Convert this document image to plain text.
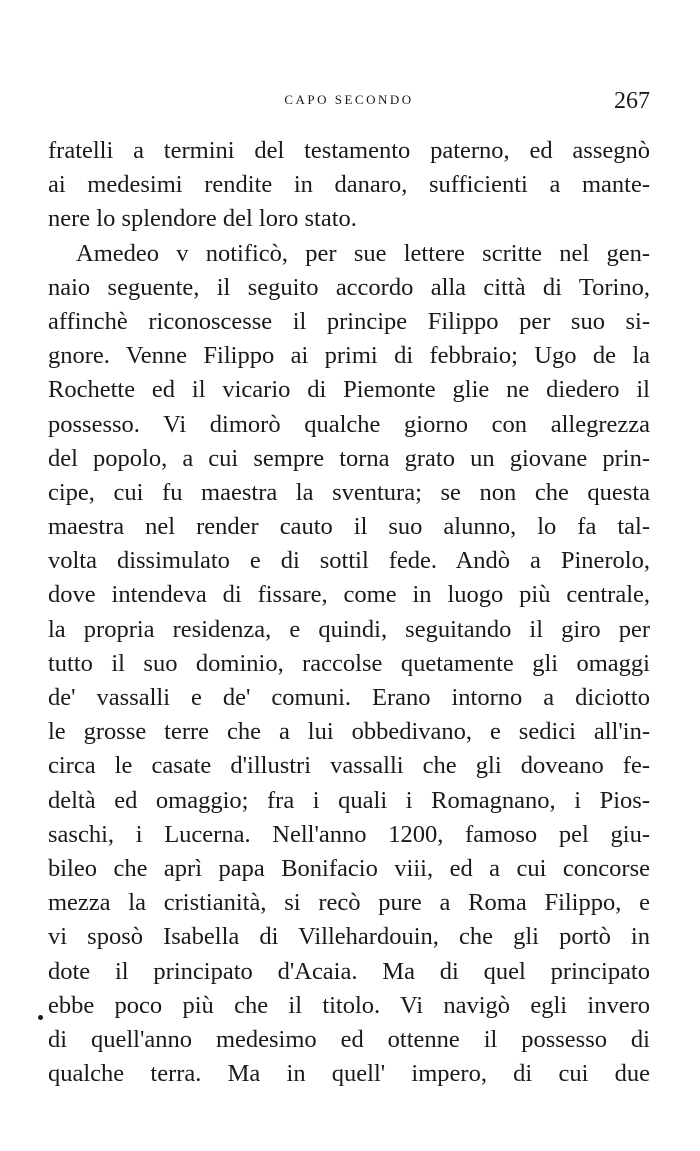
CAPO SECONDO	267
fratelli a termini del testamento paterno, ed assegnò
ai medesimi rendite in danaro, sufficienti a mante-
nere lo splendore del loro stato.
Amedeo v notificò, per sue lettere scritte nel gen-
naio seguente, il seguito accordo alla città di Torino,
affinchè riconoscesse il principe Filippo per suo si-
gnore. Venne Filippo ai primi di febbraio; Ugo de la
Rochette ed il vicario di Piemonte glie ne diedero il
possesso. Vi dimorò qualche giorno con allegrezza
del popolo, a cui sempre torna grato un giovane prin-
cipe, cui fu maestra la sventura; se non che questa
maestra nel render cauto il suo alunno, lo fa tal-
volta dissimulato e di sottil fede. Andò a Pinerolo,
dove intendeva di fissare, come in luogo più centrale,
la propria residenza, e quindi, seguitando il giro per
tutto il suo dominio, raccolse quetamente gli omaggi
de' vassalli e de' comuni. Erano intorno a diciotto
le grosse terre che a lui obbedivano, e sedici all'in-
circa le casate d'illustri vassalli che gli doveano fe-
deltà ed omaggio; fra i quali i Romagnano, i Pios-
saschi, i Lucerna. Nell'anno 1200, famoso pel giu-
bileo che aprì papa Bonifacio viii, ed a cui concorse
mezza la cristianità, si recò pure a Roma Filippo, e
vi sposò Isabella di Villehardouin, che gli portò in
dote il principato d'Acaia. Ma di quel principato
ebbe poco più che il titolo. Vi navigò egli invero
di quell'anno medesimo ed ottenne il possesso di
qualche terra. Ma in quell' impero, di cui due
